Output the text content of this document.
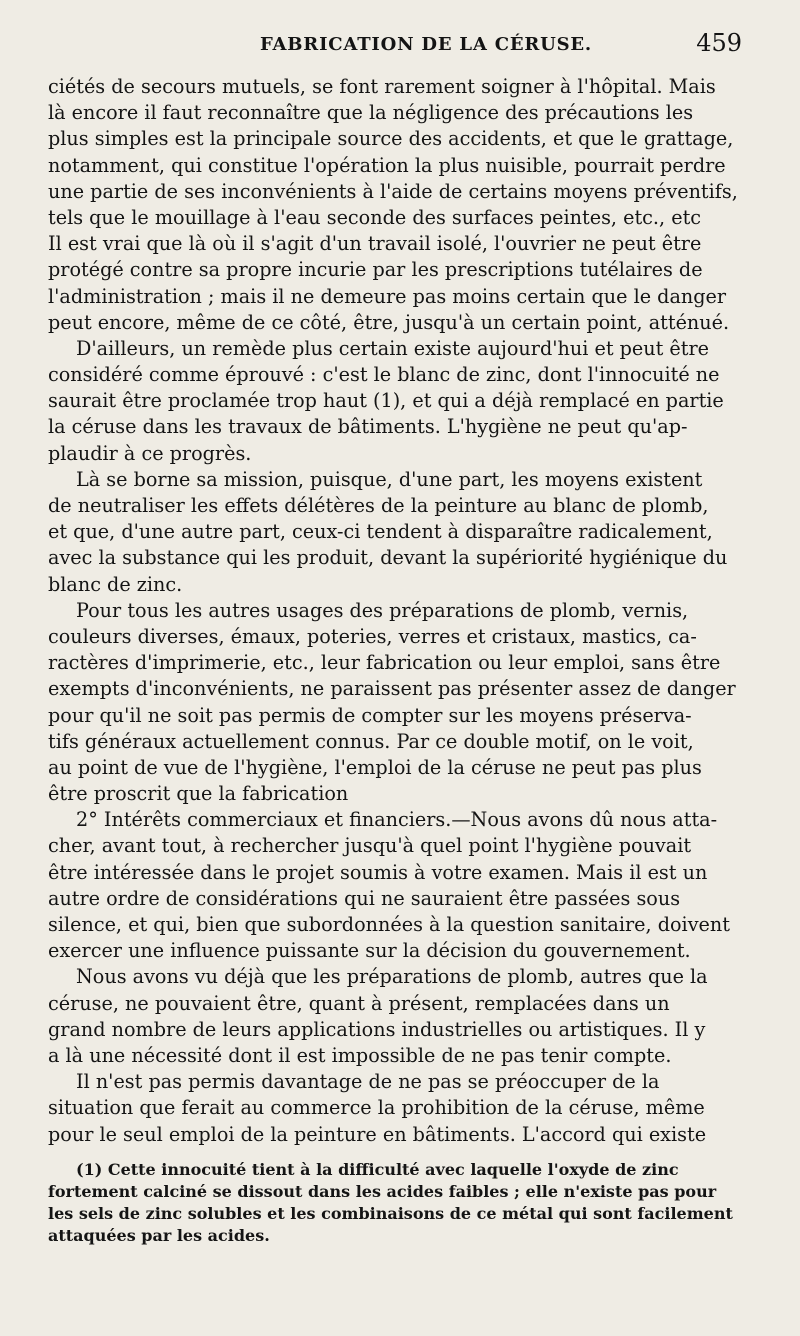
FABRICATION DE LA CÉRUSE.	459
ciétés de secours mutuels, se font rarement soigner à l'hôpital. Mais
là encore il faut reconnaître que la négligence des précautions les
plus simples est la principale source des accidents, et que le grattage,
notamment, qui constitue l'opération la plus nuisible, pourrait perdre
une partie de ses inconvénients à l'aide de certains moyens préventifs,
tels que le mouillage à l'eau seconde des surfaces peintes, etc., etc
Il est vrai que là où il s'agit d'un travail isolé, l'ouvrier ne peut être
protégé contre sa propre incurie par les prescriptions tutélaires de
l'administration ; mais il ne demeure pas moins certain que le danger
peut encore, même de ce côté, être, jusqu'à un certain point, atténué.
D'ailleurs, un remède plus certain existe aujourd'hui et peut être
considéré comme éprouvé : c'est le blanc de zinc, dont l'innocuité ne
saurait être proclamée trop haut (1), et qui a déjà remplacé en partie
la céruse dans les travaux de bâtiments. L'hygiène ne peut qu'ap-
plaudir à ce progrès.
Là se borne sa mission, puisque, d'une part, les moyens existent
de neutraliser les effets délétères de la peinture au blanc de plomb,
et que, d'une autre part, ceux-ci tendent à disparaître radicalement,
avec la substance qui les produit, devant la supériorité hygiénique du
blanc de zinc.
Pour tous les autres usages des préparations de plomb, vernis,
couleurs diverses, émaux, poteries, verres et cristaux, mastics, ca-
ractères d'imprimerie, etc., leur fabrication ou leur emploi, sans être
exempts d'inconvénients, ne paraissent pas présenter assez de danger
pour qu'il ne soit pas permis de compter sur les moyens préserva-
tifs généraux actuellement connus. Par ce double motif, on le voit,
au point de vue de l'hygiène, l'emploi de la céruse ne peut pas plus
être proscrit que la fabrication
2° Intérêts commerciaux et financiers.—Nous avons dû nous atta-
cher, avant tout, à rechercher jusqu'à quel point l'hygiène pouvait
être intéressée dans le projet soumis à votre examen. Mais il est un
autre ordre de considérations qui ne sauraient être passées sous
silence, et qui, bien que subordonnées à la question sanitaire, doivent
exercer une influence puissante sur la décision du gouvernement.
Nous avons vu déjà que les préparations de plomb, autres que la
céruse, ne pouvaient être, quant à présent, remplacées dans un
grand nombre de leurs applications industrielles ou artistiques. Il y
a là une nécessité dont il est impossible de ne pas tenir compte.
Il n'est pas permis davantage de ne pas se préoccuper de la
situation que ferait au commerce la prohibition de la céruse, même
pour le seul emploi de la peinture en bâtiments. L'accord qui existe
(1) Cette innocuité tient à la difficulté avec laquelle l'oxyde de zinc
fortement calciné se dissout dans les acides faibles ; elle n'existe pas pour
les sels de zinc solubles et les combinaisons de ce métal qui sont facilement
attaquées par les acides.
